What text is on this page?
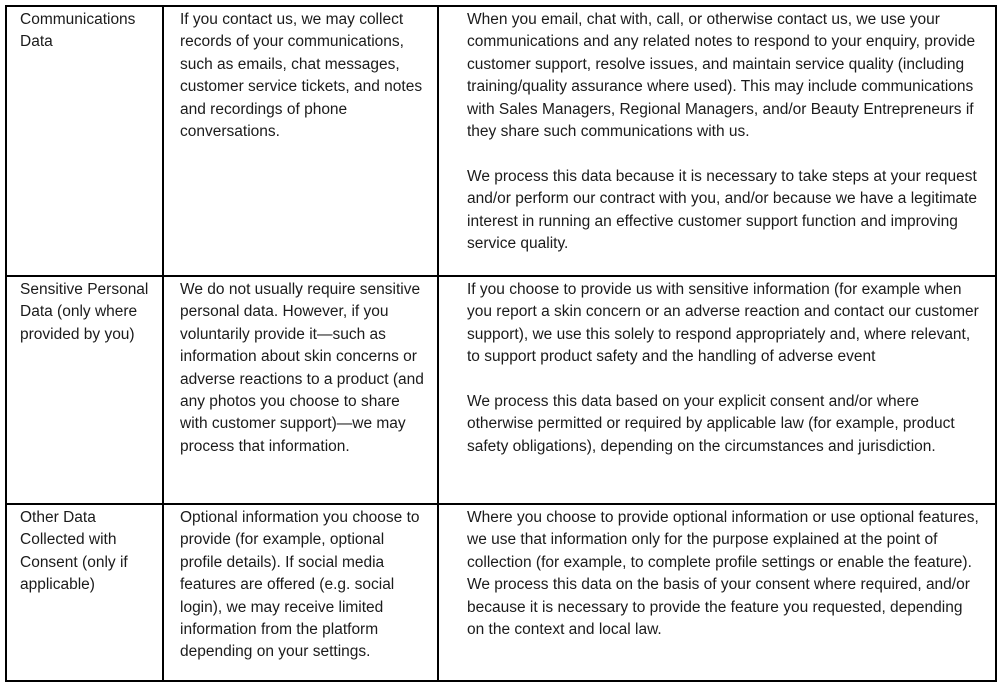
Communications Data	If you contact us, we may collect records of your communications, such as emails, chat messages, customer service tickets, and notes and recordings of phone conversations.	When you email, chat with, call, or otherwise contact us, we use your communications and any related notes to respond to your enquiry, provide customer support, resolve issues, and maintain service quality (including training/quality assurance where used). This may include communications with Sales Managers, Regional Managers, and/or Beauty Entrepreneurs if they share such communications with us.

We process this data because it is necessary to take steps at your request and/or perform our contract with you, and/or because we have a legitimate interest in running an effective customer support function and improving service quality.

Sensitive Personal Data (only where provided by you)	We do not usually require sensitive personal data. However, if you voluntarily provide it—such as information about skin concerns or adverse reactions to a product (and any photos you choose to share with customer support)—we may process that information.	

If you choose to provide us with sensitive information (for example when you report a skin concern or an adverse reaction and contact our customer support), we use this solely to respond appropriately and, where relevant, to support product safety and the handling of adverse event

We process this data based on your explicit consent and/or where otherwise permitted or required by applicable law (for example, product safety obligations), depending on the circumstances and jurisdiction.

Other Data Collected with Consent (only if applicable)	Optional information you choose to provide (for example, optional profile details). If social media features are offered (e.g. social login), we may receive limited information from the platform depending on your settings.	

Where you choose to provide optional information or use optional features, we use that information only for the purpose explained at the point of collection (for example, to complete profile settings or enable the feature).

We process this data on the basis of your consent where required, and/or because it is necessary to provide the feature you requested, depending on the context and local law.
